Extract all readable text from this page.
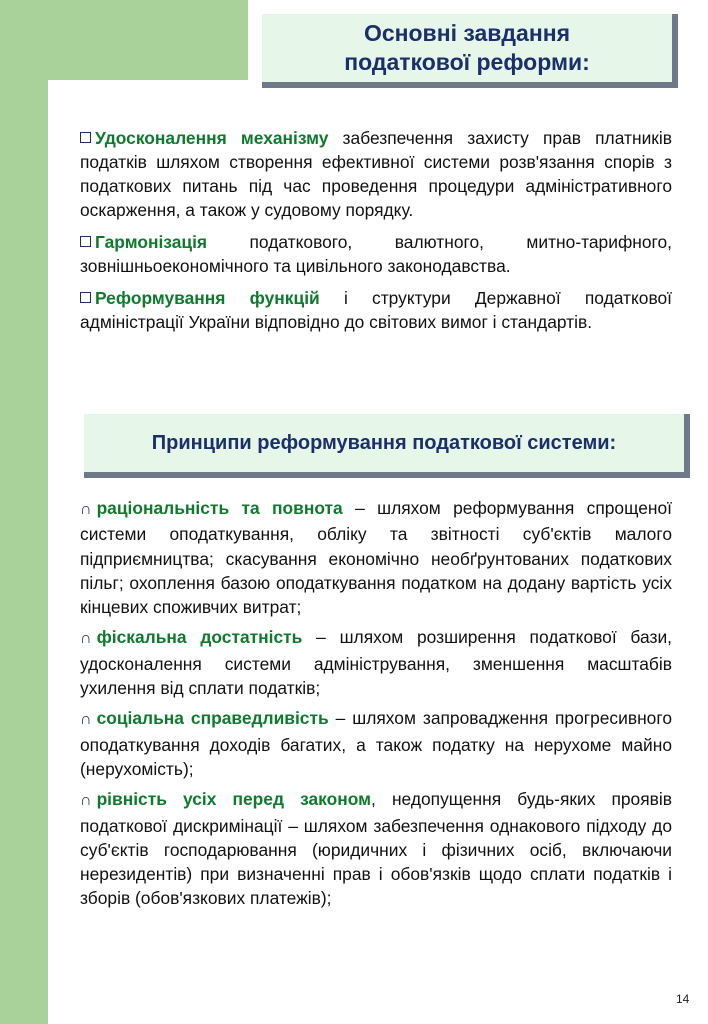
Основні завдання
податкової реформи:
Удосконалення механізму забезпечення захисту прав платників податків шляхом створення ефективної системи розв'язання спорів з податкових питань під час проведення процедури адміністративного оскарження, а також у судовому порядку.
Гармонізація податкового, валютного, митно-тарифного, зовнішньоекономічного та цивільного законодавства.
Реформування функцій і структури Державної податкової адміністрації України відповідно до світових вимог і стандартів.
Принципи реформування податкової системи:
∩ раціональність та повнота – шляхом реформування спрощеної системи оподаткування, обліку та звітності суб'єктів малого підприємництва; скасування економічно необґрунтованих податкових пільг; охоплення базою оподаткування податком на додану вартість усіх кінцевих споживчих витрат;
∩ фіскальна достатність – шляхом розширення податкової бази, удосконалення системи адміністрування, зменшення масштабів ухилення від сплати податків;
∩ соціальна справедливість – шляхом запровадження прогресивного оподаткування доходів багатих, а також податку на нерухоме майно (нерухомість);
∩ рівність усіх перед законом, недопущення будь-яких проявів податкової дискримінації – шляхом забезпечення однакового підходу до суб'єктів господарювання (юридичних і фізичних осіб, включаючи нерезидентів) при визначенні прав і обов'язків щодо сплати податків і зборів (обов'язкових платежів);
14
